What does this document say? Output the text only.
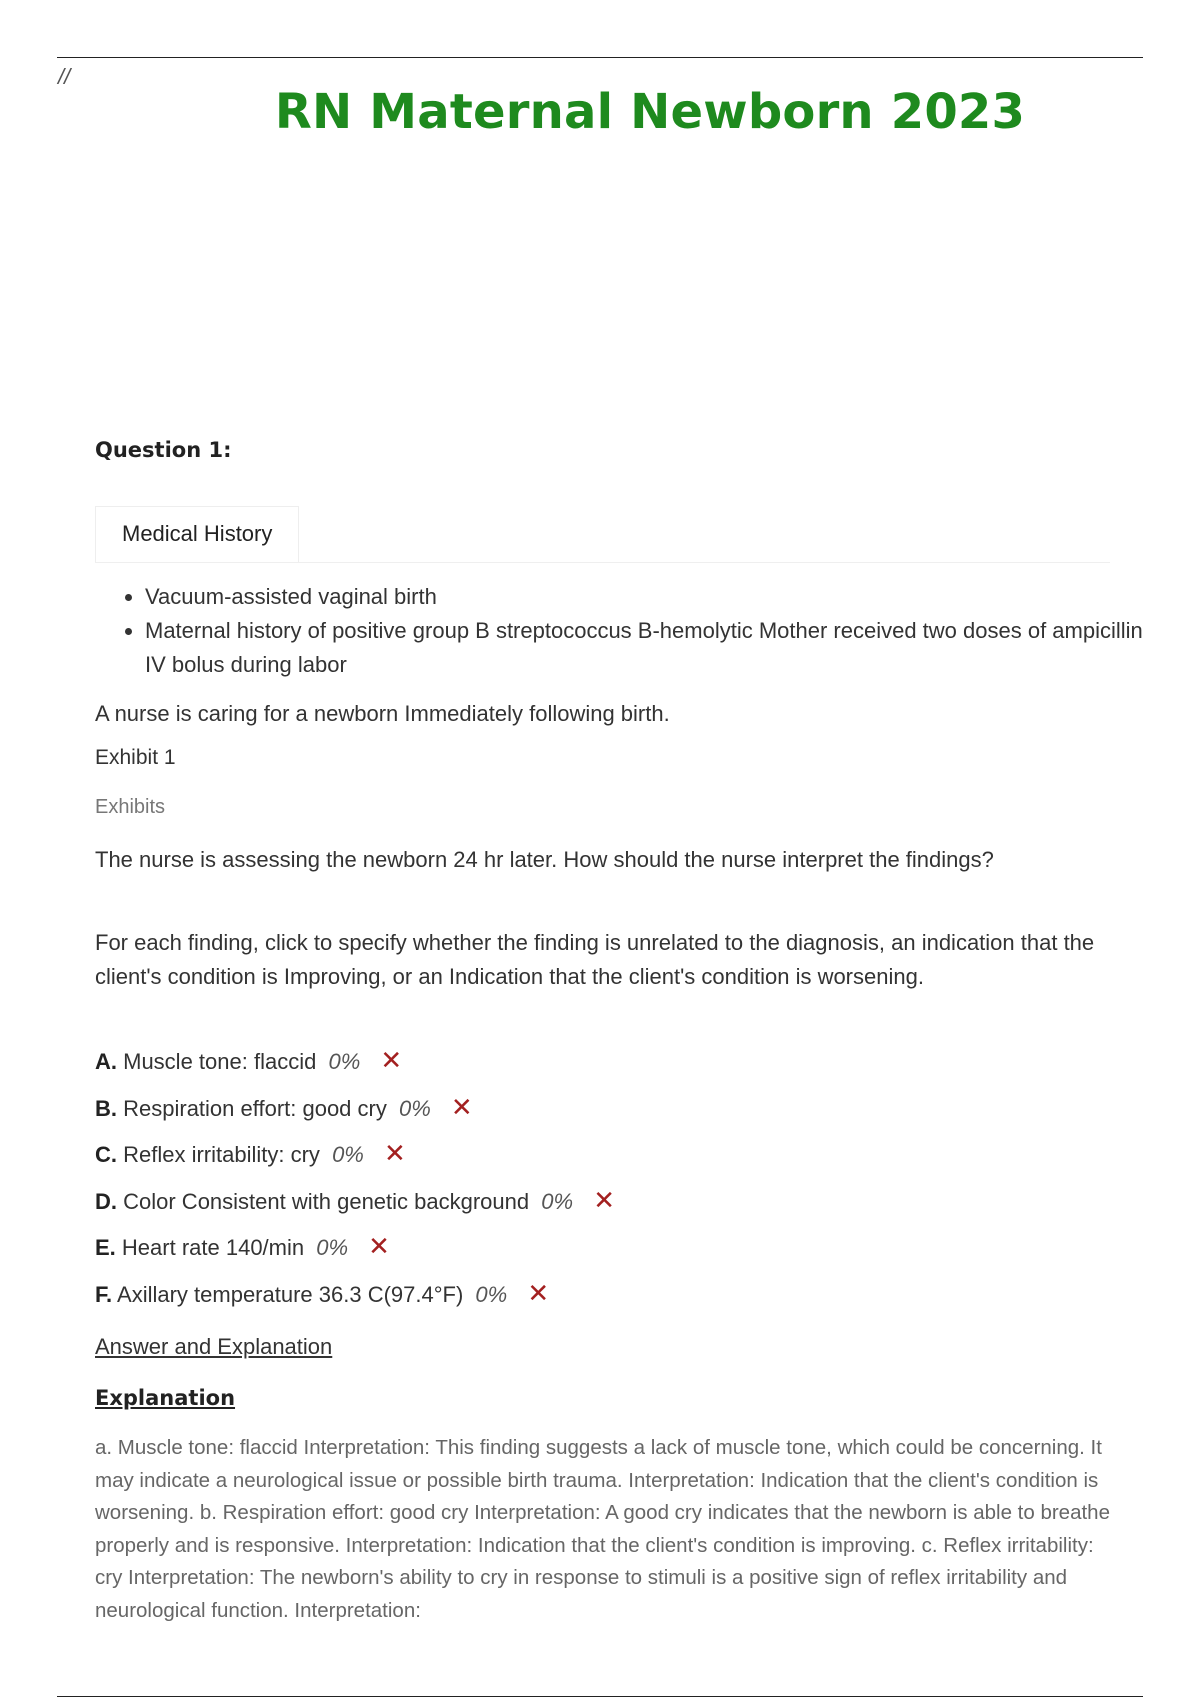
//
RN Maternal Newborn 2023
Question 1:
Medical History
• Vacuum-assisted vaginal birth
• Maternal history of positive group B streptococcus B-hemolytic Mother received two doses of ampicillin IV bolus during labor

A nurse is caring for a newborn Immediately following birth.

Exhibit 1
Exhibits

The nurse is assessing the newborn 24 hr later. How should the nurse interpret the findings?

For each finding, click to specify whether the finding is unrelated to the diagnosis, an indication that the client's condition is Improving, or an Indication that the client's condition is worsening.

A. Muscle tone: flaccid 0% ✕
B. Respiration effort: good cry 0% ✕
C. Reflex irritability: cry 0% ✕
D. Color Consistent with genetic background 0% ✕
E. Heart rate 140/min 0% ✕
F. Axillary temperature 36.3 C(97.4°F) 0% ✕
Answer and Explanation
Explanation

a. Muscle tone: flaccid Interpretation: This finding suggests a lack of muscle tone, which could be concerning. It may indicate a neurological issue or possible birth trauma. Interpretation: Indication that the client's condition is worsening. b. Respiration effort: good cry Interpretation: A good cry indicates that the newborn is able to breathe properly and is responsive. Interpretation: Indication that the client's condition is improving. c. Reflex irritability: cry Interpretation: The newborn's ability to cry in response to stimuli is a positive sign of reflex irritability and neurological function. Interpretation:
